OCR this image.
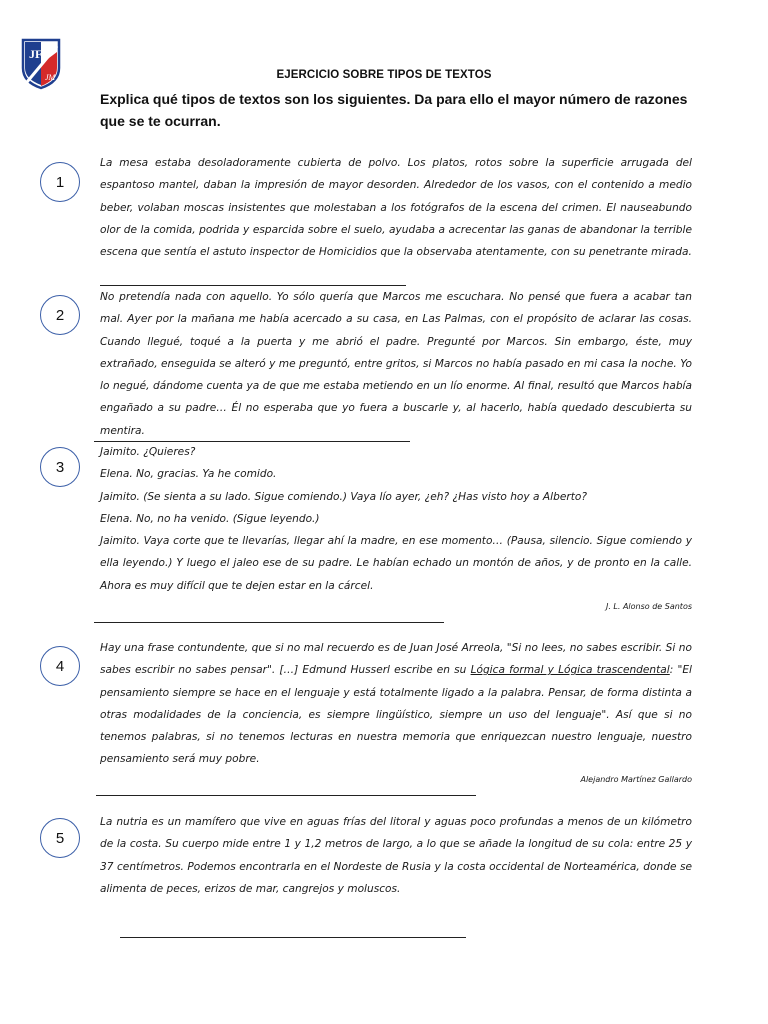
JF
JM	EJERCICIO SOBRE TIPOS DE TEXTOS
Explica qué tipos de textos son los siguientes. Da para ello el mayor número de razones que se te ocurran.
1

La mesa estaba desoladoramente cubierta de polvo. Los platos, rotos sobre la superficie arrugada del espantoso mantel, daban la impresión de mayor desorden. Alrededor de los vasos, con el contenido a medio beber, volaban moscas insistentes que molestaban a los fotógrafos de la escena del crimen. El nauseabundo olor de la comida, podrida y esparcida sobre el suelo, ayudaba a acrecentar las ganas de abandonar la terrible escena que sentía el astuto inspector de Homicidios que la observaba atentamente, con su penetrante mirada.

2

No pretendía nada con aquello. Yo sólo quería que Marcos me escuchara. No pensé que fuera a acabar tan mal. Ayer por la mañana me había acercado a su casa, en Las Palmas, con el propósito de aclarar las cosas. Cuando llegué, toqué a la puerta y me abrió el padre. Pregunté por Marcos. Sin embargo, éste, muy extrañado, enseguida se alteró y me preguntó, entre gritos, si Marcos no había pasado en mi casa la noche. Yo lo negué, dándome cuenta ya de que me estaba metiendo en un lío enorme. Al final, resultó que Marcos había engañado a su padre… Él no esperaba que yo fuera a buscarle y, al hacerlo, había quedado descubierta su mentira.

3

Jaimito. ¿Quieres?

Elena. No, gracias. Ya he comido.

Jaimito. (Se sienta a su lado. Sigue comiendo.) Vaya lío ayer, ¿eh? ¿Has visto hoy a Alberto?

Elena. No, no ha venido. (Sigue leyendo.)

Jaimito. Vaya corte que te llevarías, llegar ahí la madre, en ese momento… (Pausa, silencio. Sigue comiendo y ella leyendo.) Y luego el jaleo ese de su padre. Le habían echado un montón de años, y de pronto en la calle. Ahora es muy difícil que te dejen estar en la cárcel.

J. L. Alonso de Santos
4

Hay una frase contundente, que si no mal recuerdo es de Juan José Arreola, "Si no lees, no sabes escribir. Si no sabes escribir no sabes pensar". […] Edmund Husserl escribe en su Lógica formal y Lógica trascendental: "El pensamiento siempre se hace en el lenguaje y está totalmente ligado a la palabra. Pensar, de forma distinta a otras modalidades de la conciencia, es siempre lingüístico, siempre un uso del lenguaje". Así que si no tenemos palabras, si no tenemos lecturas en nuestra memoria que enriquezcan nuestro lenguaje, nuestro pensamiento será muy pobre.

Alejandro Martínez Gallardo
5

La nutria es un mamífero que vive en aguas frías del litoral y aguas poco profundas a menos de un kilómetro de la costa. Su cuerpo mide entre 1 y 1,2 metros de largo, a lo que se añade la longitud de su cola: entre 25 y 37 centímetros. Podemos encontrarla en el Nordeste de Rusia y la costa occidental de Norteamérica, donde se alimenta de peces, erizos de mar, cangrejos y moluscos.
